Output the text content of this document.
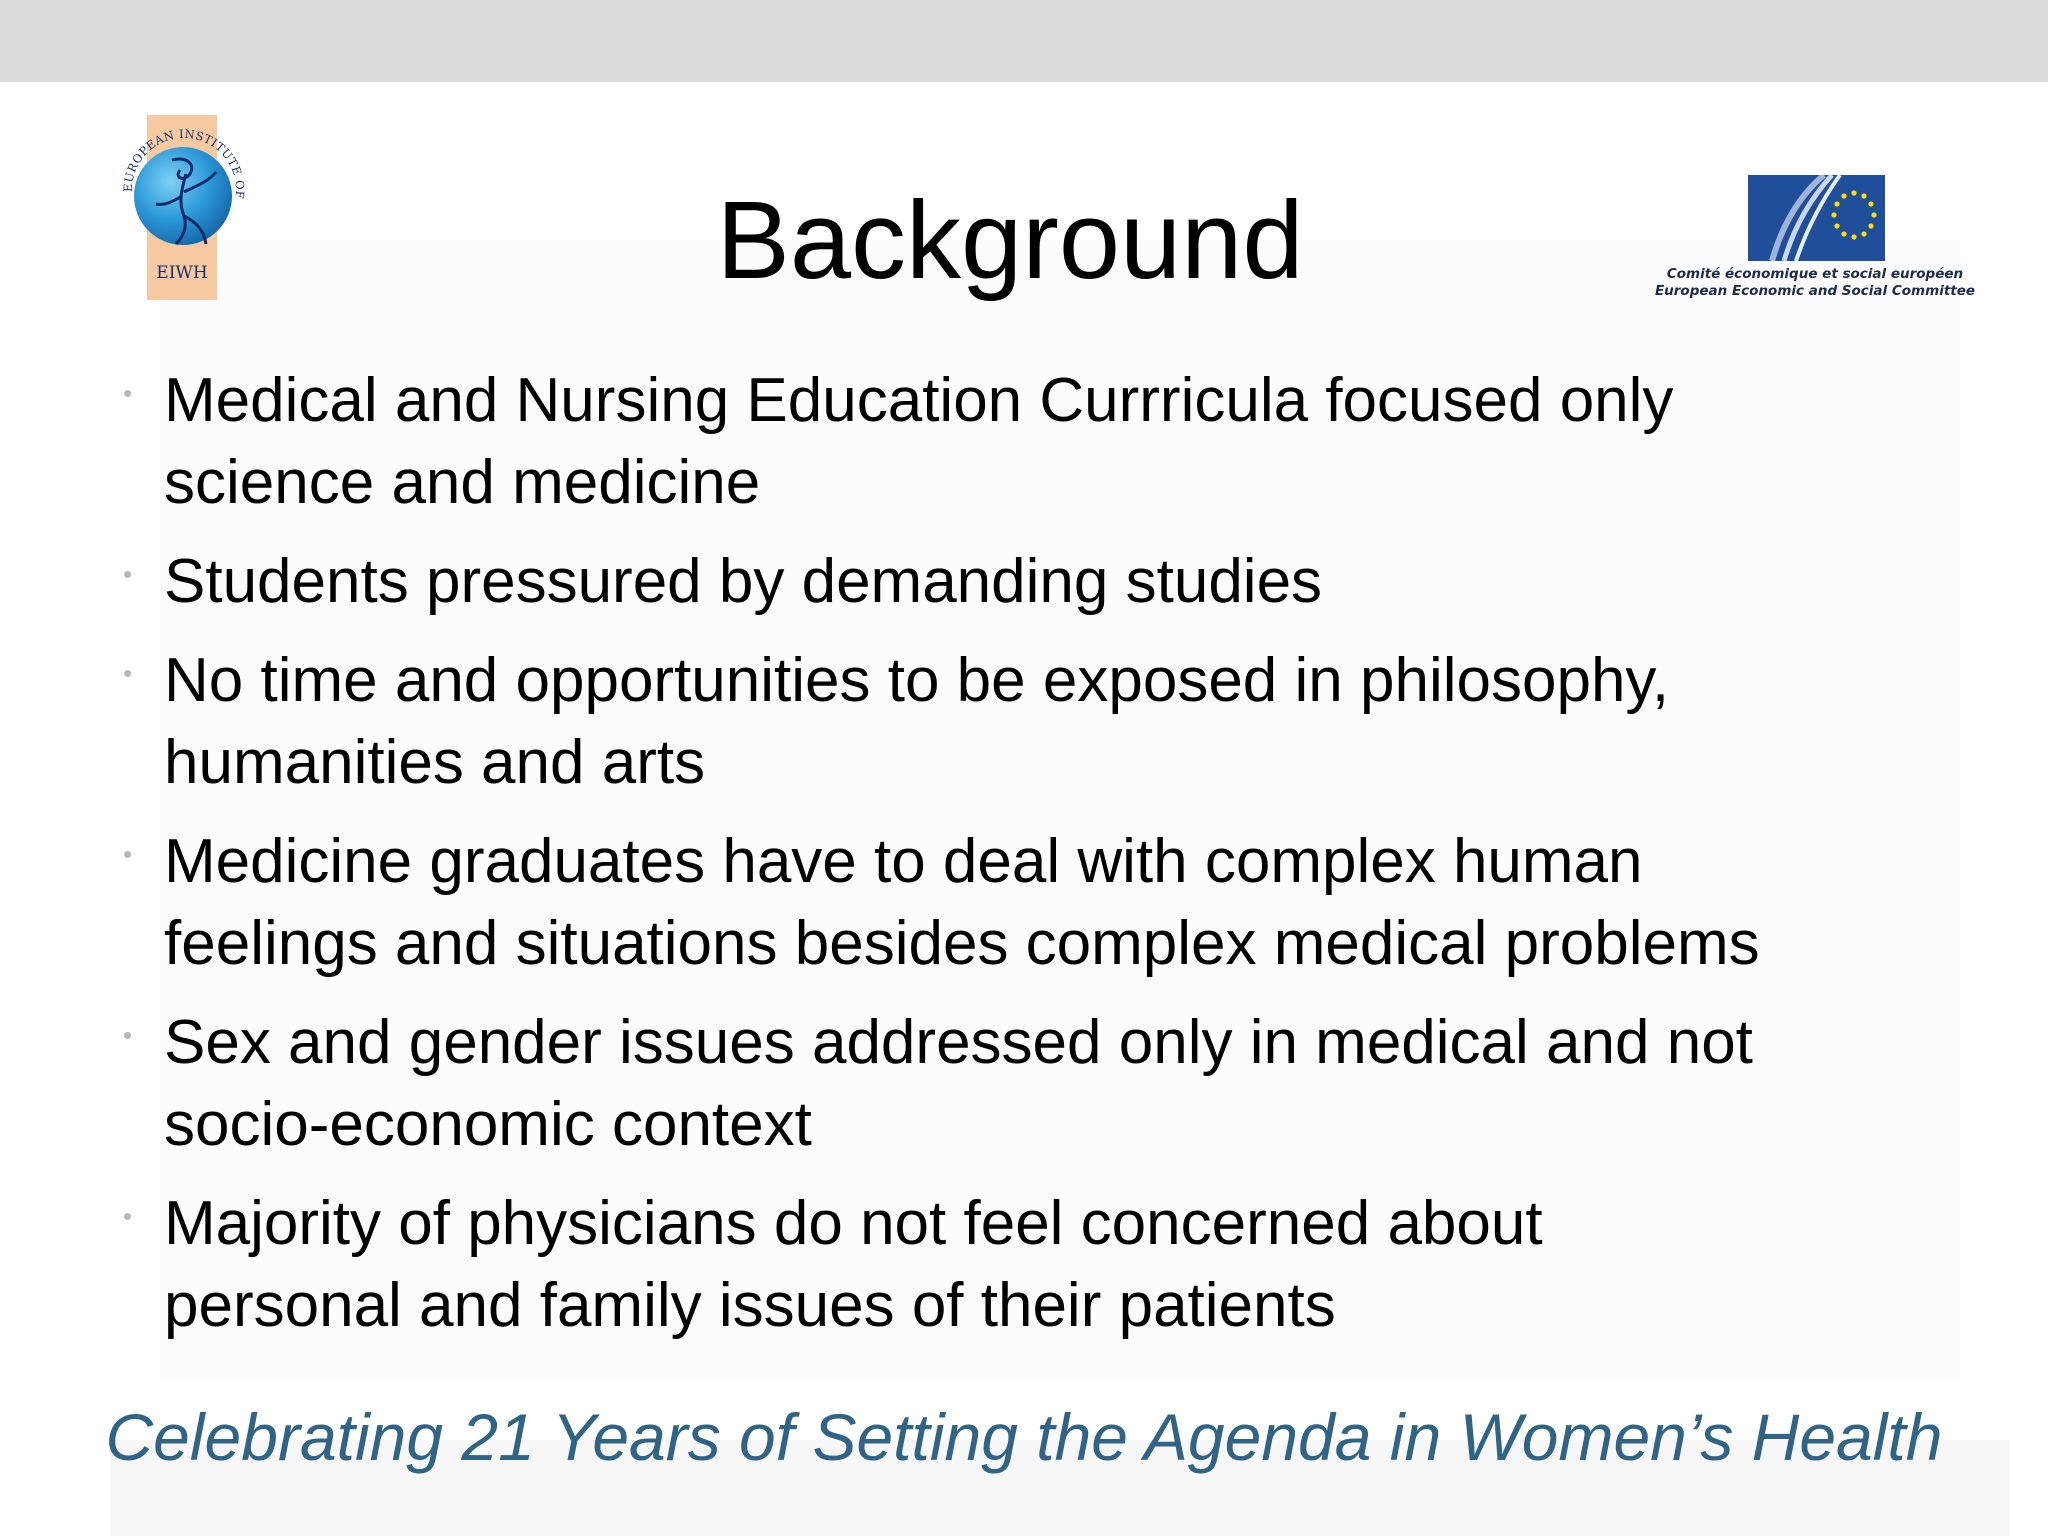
EUROPEAN INSTITUTE OF
EIWH	Background	Comité économique et social européen
European Economic and Social Committee
• Medical and Nursing Education Currricula focused only
science and medicine
• Students pressured by demanding studies
• No time and opportunities to be exposed in philosophy,
humanities and arts
• Medicine graduates have to deal with complex human
feelings and situations besides complex medical problems
• Sex and gender issues addressed only in medical and not
socio-economic context
• Majority of physicians do not feel concerned about
personal and family issues of their patients
Celebrating 21 Years of Setting the Agenda in Women’s Health
